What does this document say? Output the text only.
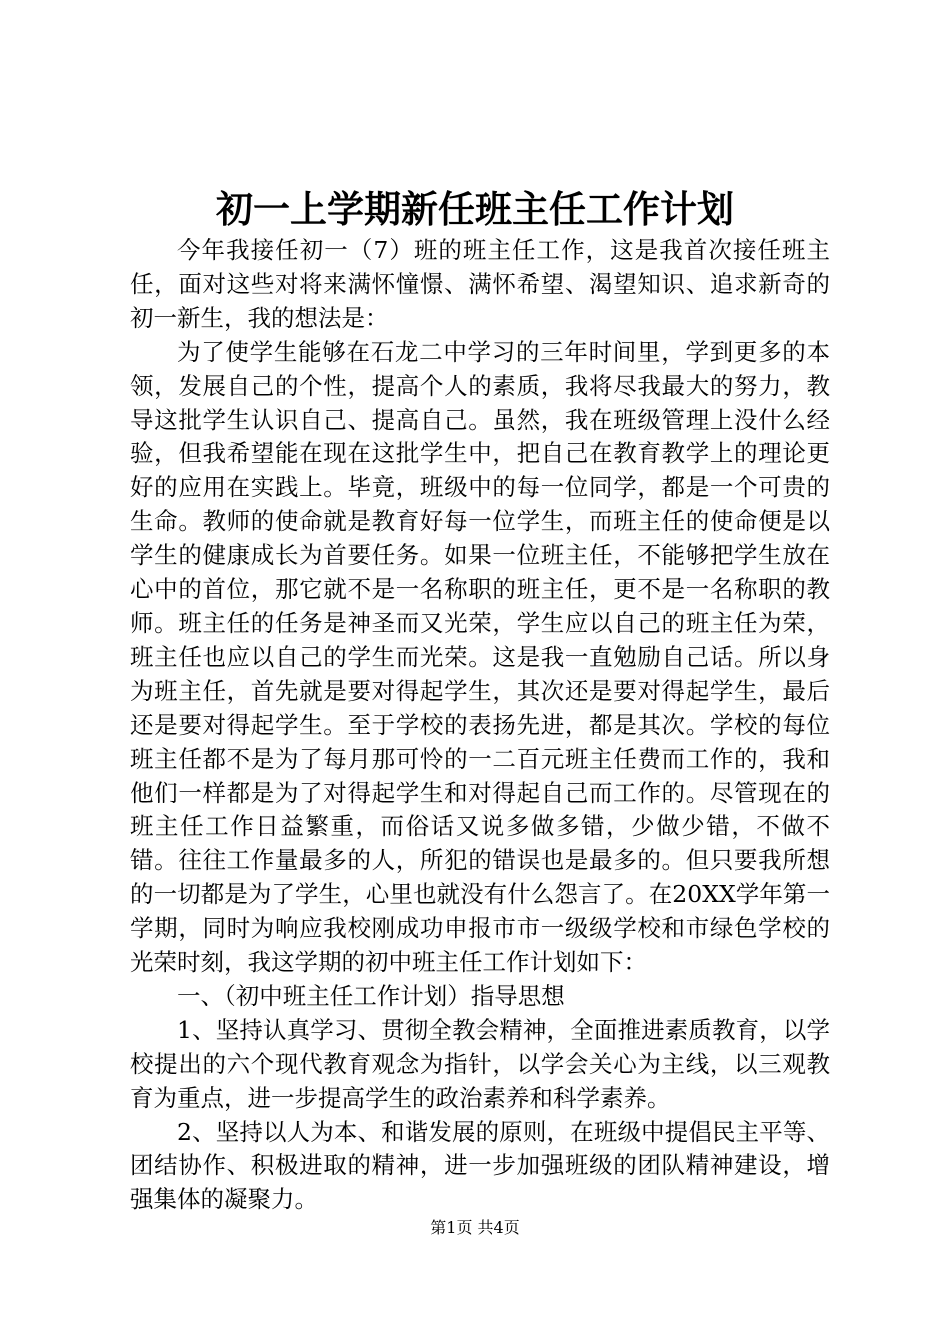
初一上学期新任班主任工作计划

今年我接任初一（7）班的班主任工作，这是我首次接任班主任，面对这些对将来满怀憧憬、满怀希望、渴望知识、追求新奇的初一新生，我的想法是：

为了使学生能够在石龙二中学习的三年时间里，学到更多的本领，发展自己的个性，提高个人的素质，我将尽我最大的努力，教导这批学生认识自己、提高自己。虽然，我在班级管理上没什么经验，但我希望能在现在这批学生中，把自己在教育教学上的理论更好的应用在实践上。毕竟，班级中的每一位同学，都是一个可贵的生命。教师的使命就是教育好每一位学生，而班主任的使命便是以学生的健康成长为首要任务。如果一位班主任，不能够把学生放在心中的首位，那它就不是一名称职的班主任，更不是一名称职的教师。班主任的任务是神圣而又光荣，学生应以自己的班主任为荣，班主任也应以自己的学生而光荣。这是我一直勉励自己话。所以身为班主任，首先就是要对得起学生，其次还是要对得起学生，最后还是要对得起学生。至于学校的表扬先进，都是其次。学校的每位班主任都不是为了每月那可怜的一二百元班主任费而工作的，我和他们一样都是为了对得起学生和对得起自己而工作的。尽管现在的班主任工作日益繁重，而俗话又说多做多错，少做少错，不做不错。往往工作量最多的人，所犯的错误也是最多的。但只要我所想的一切都是为了学生，心里也就没有什么怨言了。在20XX学年第一学期，同时为响应我校刚成功申报市市一级级学校和市绿色学校的光荣时刻，我这学期的初中班主任工作计划如下：

一、（初中班主任工作计划）指导思想

1、坚持认真学习、贯彻全教会精神，全面推进素质教育，以学校提出的六个现代教育观念为指针，以学会关心为主线，以三观教育为重点，进一步提高学生的政治素养和科学素养。

2、坚持以人为本、和谐发展的原则，在班级中提倡民主平等、团结协作、积极进取的精神，进一步加强班级的团队精神建设，增强集体的凝聚力。

第1页 共4页
